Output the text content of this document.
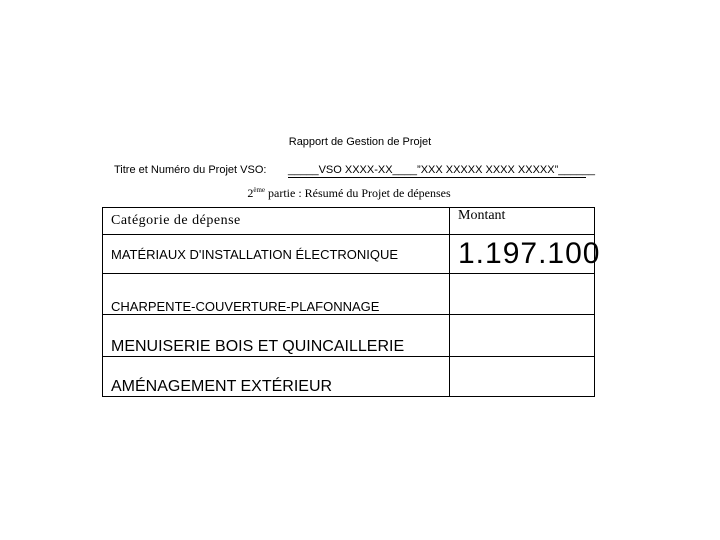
Rapport de Gestion de Projet
Titre et Numéro du Projet VSO: _____VSO XXXX-XX____”XXX XXXXX XXXX XXXXX”______
2ème partie : Résumé du Projet de dépenses
Catégorie de dépense	Montant
MATÉRIAUX D'INSTALLATION ÉLECTRONIQUE	1.197.100
CHARPENTE-COUVERTURE-PLAFONNAGE	
MENUISERIE BOIS ET QUINCAILLERIE	
AMÉNAGEMENT EXTÉRIEUR	
